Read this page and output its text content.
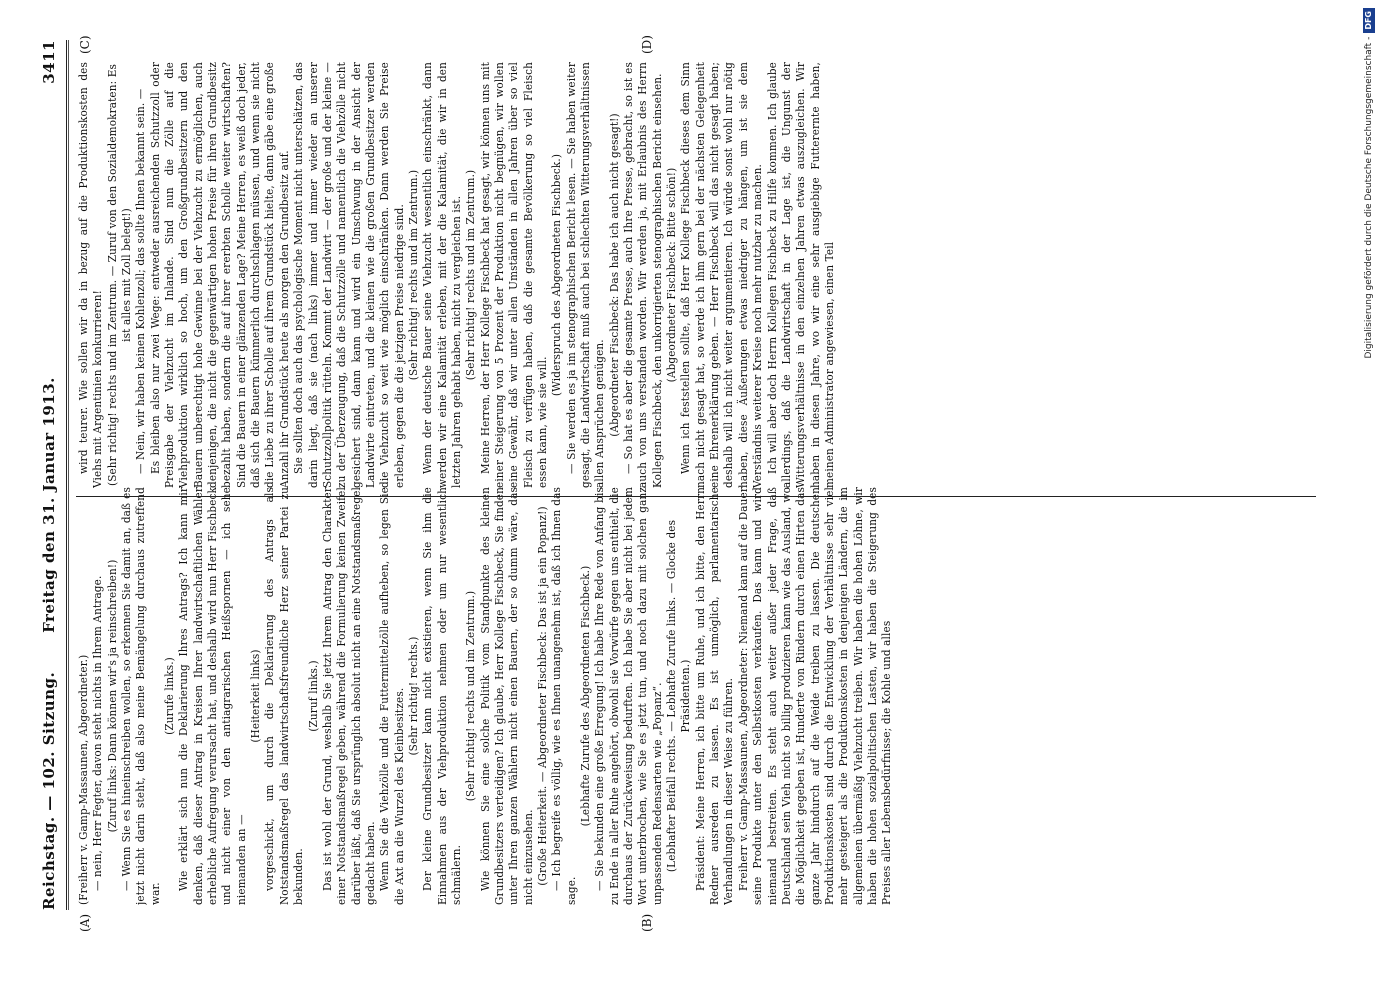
Reichstag. — 102. Sitzung.
Freitag den 31. Januar 1913.
3411
(A)	(B)
(C)	(D)

(Freiherr v. Gamp-Massaunen, Abgeordneter.) — nein, Herr Fegter, davon steht nichts in Ihrem Antrage. (Zuruf links: Dann können wir's ja reinschreiben!) — Wenn Sie es hineinschreiben wollen, so erkennen Sie damit an, daß es jetzt nicht darin steht, daß also meine Bemängelung durchaus zutreffend war.

(Zurufe links.) Wie erklärt sich nun die Deklarierung Ihres Antrags? Ich kann mir denken, daß dieser Antrag in Kreisen Ihrer landwirtschaftlichen Wähler erhebliche Aufregung verursacht hat, und deshalb wird nun Herr Fischbeck und nicht einer von den antiagrarischen Heißspornen — ich sehe niemanden an —

(Heiterkeit links) vorgeschickt, um durch die Deklarierung des Antrags als Notstandsmaßregel das landwirtschaftsfreundliche Herz seiner Partei zu bekunden.

(Zuruf links.) Das ist wohl der Grund, weshalb Sie jetzt Ihrem Antrag den Charakter einer Notstandsmaßregel geben, während die Formulierung keinen Zweifel darüber läßt, daß Sie ursprünglich absolut nicht an eine Notstandsmaßregel gedacht haben. Wenn Sie die Viehzölle und die Futtermittelzölle aufheben, so legen Sie die Axt an die Wurzel des Kleinbesitzes. (Sehr richtig! rechts.) Der kleine Grundbesitzer kann nicht existieren, wenn Sie ihm die Einnahmen aus der Viehproduktion nehmen oder um nur wesentlich schmälern.

(Sehr richtig! rechts und im Zentrum.) Wie können Sie eine solche Politik vom Standpunkte des kleinen Grundbesitzers verteidigen? Ich glaube, Herr Kollege Fischbeck, Sie finden unter Ihren ganzen Wählern nicht einen Bauern, der so dumm wäre, das nicht einzusehen. (Große Heiterkeit. — Abgeordneter Fischbeck: Das ist ja ein Popanz!) — Ich begreife es völlig, wie es Ihnen unangenehm ist, daß ich Ihnen das sage.

(Lebhafte Zurufe des Abgeordneten Fischbeck.) — Sie bekunden eine große Erregung! Ich habe Ihre Rede von Anfang bis zu Ende in aller Ruhe angehört, obwohl sie Vorwürfe gegen uns enthielt, die durchaus der Zurückweisung bedurften. Ich habe Sie aber nicht bei jedem Wort unterbrochen, wie Sie es jetzt tun, und noch dazu mit solchen ganz unpassenden Redensarten wie „Popanz“. (Lebhafter Beifall rechts. — Lebhafte Zurufe links. — Glocke des Präsidenten.) Präsident: Meine Herren, ich bitte um Ruhe, und ich bitte, den Herrn Redner ausreden zu lassen. Es ist unmöglich, parlamentarische Verhandlungen in dieser Weise zu führen. Freiherr v. Gamp-Massaunen, Abgeordneter: Niemand kann auf die Dauer seine Produkte unter den Selbstkosten verkaufen. Das kann und wird niemand bestreiten. Es steht auch weiter außer jeder Frage, daß Deutschland sein Vieh nicht so billig produzieren kann wie das Ausland, wo die Möglichkeit gegeben ist, Hunderte von Rindern durch einen Hirten das ganze Jahr hindurch auf die Weide treiben zu lassen. Die deutschen Produktionskosten sind durch die Entwicklung der Verhältnisse sehr viel mehr gesteigert als die Produktionskosten in denjenigen Ländern, die im allgemeinen übermäßig Viehzucht treiben. Wir haben die hohen Löhne, wir haben die hohen sozialpolitischen Lasten, wir haben die Steigerung des Preises aller Lebensbedürfnisse; die Kohle und alles

wird teurer. Wie sollen wir da in bezug auf die Produktionskosten des Viehs mit Argentinien konkurrieren! (Sehr richtig! rechts und im Zentrum. — Zuruf von den Sozialdemokraten: Es ist alles mit Zoll belegt!) — Nein, wir haben keinen Kohlenzoll; das sollte Ihnen bekannt sein. — Es bleiben also nur zwei Wege: entweder ausreichenden Schutzzoll oder Preisgabe der Viehzucht im Inlande. Sind nun die Zölle auf die Viehproduktion wirklich so hoch, um den Großgrundbesitzern und den Bauern unberechtigt hohe Gewinne bei der Viehzucht zu ermöglichen, auch denjenigen, die nicht die gegenwärtigen hohen Preise für ihren Grundbesitz bezahlt haben, sondern die auf ihrer ererbten Scholle weiter wirtschaften? Sind die Bauern in einer glänzenden Lage? Meine Herren, es weiß doch jeder, daß sich die Bauern kümmerlich durchschlagen müssen, und wenn sie nicht die Liebe zu ihrer Scholle auf ihrem Grundstück hielte, dann gäbe eine große Anzahl ihr Grundstück heute als morgen den Grundbesitz auf. Sie sollten doch auch das psychologische Moment nicht unterschätzen, das darin liegt, daß sie (nach links) immer und immer wieder an unserer Schutzzollpolitik rütteln. Kommt der Landwirt — der große und der kleine — zu der Überzeugung, daß die Schutzzölle und namentlich die Viehzölle nicht gesichert sind, dann kann und wird ein Umschwung in der Ansicht der Landwirte eintreten, und die kleinen wie die großen Grundbesitzer werden die Viehzucht so weit wie möglich einschränken. Dann werden Sie Preise erleben, gegen die die jetzigen Preise niedrige sind. (Sehr richtig! rechts und im Zentrum.) Wenn der deutsche Bauer seine Viehzucht wesentlich einschränkt, dann werden wir eine Kalamität erleben, mit der die Kalamität, die wir in den letzten Jahren gehabt haben, nicht zu vergleichen ist. (Sehr richtig! rechts und im Zentrum.) Meine Herren, der Herr Kollege Fischbeck hat gesagt, wir können uns mit einer Steigerung von 5 Prozent der Produktion nicht begnügen, wir wollen eine Gewähr, daß wir unter allen Umständen in allen Jahren über so viel Fleisch zu verfügen haben, daß die gesamte Bevölkerung so viel Fleisch essen kann, wie sie will.

(Widerspruch des Abgeordneten Fischbeck.) — Sie werden es ja im stenographischen Bericht lesen. — Sie haben weiter gesagt, die Landwirtschaft muß auch bei schlechten Witterungsverhältnissen allen Ansprüchen genügen. (Abgeordneter Fischbeck: Das habe ich auch nicht gesagt!) — So hat es aber die gesamte Presse, auch Ihre Presse, gebracht, so ist es auch von uns verstanden worden. Wir werden ja, mit Erlaubnis des Herrn Kollegen Fischbeck, den unkorrigierten stenographischen Bericht einsehen. (Abgeordneter Fischbeck: Bitte schön!) Wenn ich feststellen sollte, daß Herr Kollege Fischbeck dieses dem Sinn nach nicht gesagt hat, so werde ich ihm gern bei der nächsten Gelegenheit eine Ehrenerklärung geben. — Herr Fischbeck will das nicht gesagt haben; deshalb will ich nicht weiter argumentieren. Ich würde sonst wohl nur nötig haben, diese Äußerungen etwas niedriger zu hängen, um ist sie dem Verständnis weiterer Kreise noch mehr nutzbar zu machen. Ich will aber doch Herrn Kollegen Fischbeck zu Hilfe kommen. Ich glaube allerdings, daß die Landwirtschaft in der Lage ist, die Ungunst der Witterungsverhältnisse in den einzelnen Jahren etwas auszugleichen. Wir haben in diesen Jahre, wo wir eine sehr ausgiebige Futterernte haben, meinen Administrator angewiesen, einen Teil

Digitalisierung gefördert durch die Deutsche Forschungsgemeinschaft -DFG
